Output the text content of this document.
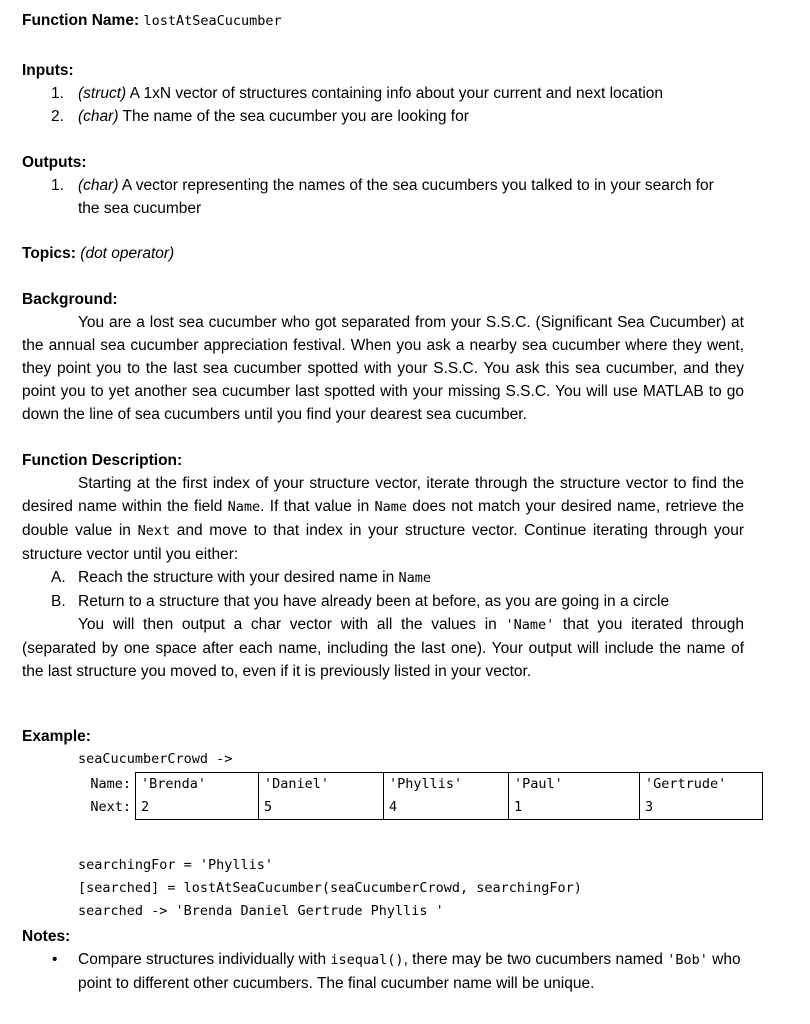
Function Name: lostAtSeaCucumber
Inputs:
1. (struct) A 1xN vector of structures containing info about your current and next location
2. (char) The name of the sea cucumber you are looking for
Outputs:
1. (char) A vector representing the names of the sea cucumbers you talked to in your search for the sea cucumber
Topics: (dot operator)
Background:
You are a lost sea cucumber who got separated from your S.S.C. (Significant Sea Cucumber) at the annual sea cucumber appreciation festival. When you ask a nearby sea cucumber where they went, they point you to the last sea cucumber spotted with your S.S.C. You ask this sea cucumber, and they point you to yet another sea cucumber last spotted with your missing S.S.C. You will use MATLAB to go down the line of sea cucumbers until you find your dearest sea cucumber.
Function Description:
Starting at the first index of your structure vector, iterate through the structure vector to find the desired name within the field Name. If that value in Name does not match your desired name, retrieve the double value in Next and move to that index in your structure vector. Continue iterating through your structure vector until you either:
A. Reach the structure with your desired name in Name
B. Return to a structure that you have already been at before, as you are going in a circle
You will then output a char vector with all the values in 'Name' that you iterated through (separated by one space after each name, including the last one). Your output will include the name of the last structure you moved to, even if it is previously listed in your vector.
Example:
seaCucumberCrowd ->
Name:	'Brenda'	'Daniel'	'Phyllis'	'Paul'	'Gertrude'
Next:	2	5	4	1	3
searchingFor = 'Phyllis'
[searched] = lostAtSeaCucumber(seaCucumberCrowd, searchingFor)
searched -> 'Brenda Daniel Gertrude Phyllis '
Notes:
• Compare structures individually with isequal(), there may be two cucumbers named 'Bob' who point to different other cucumbers. The final cucumber name will be unique.
